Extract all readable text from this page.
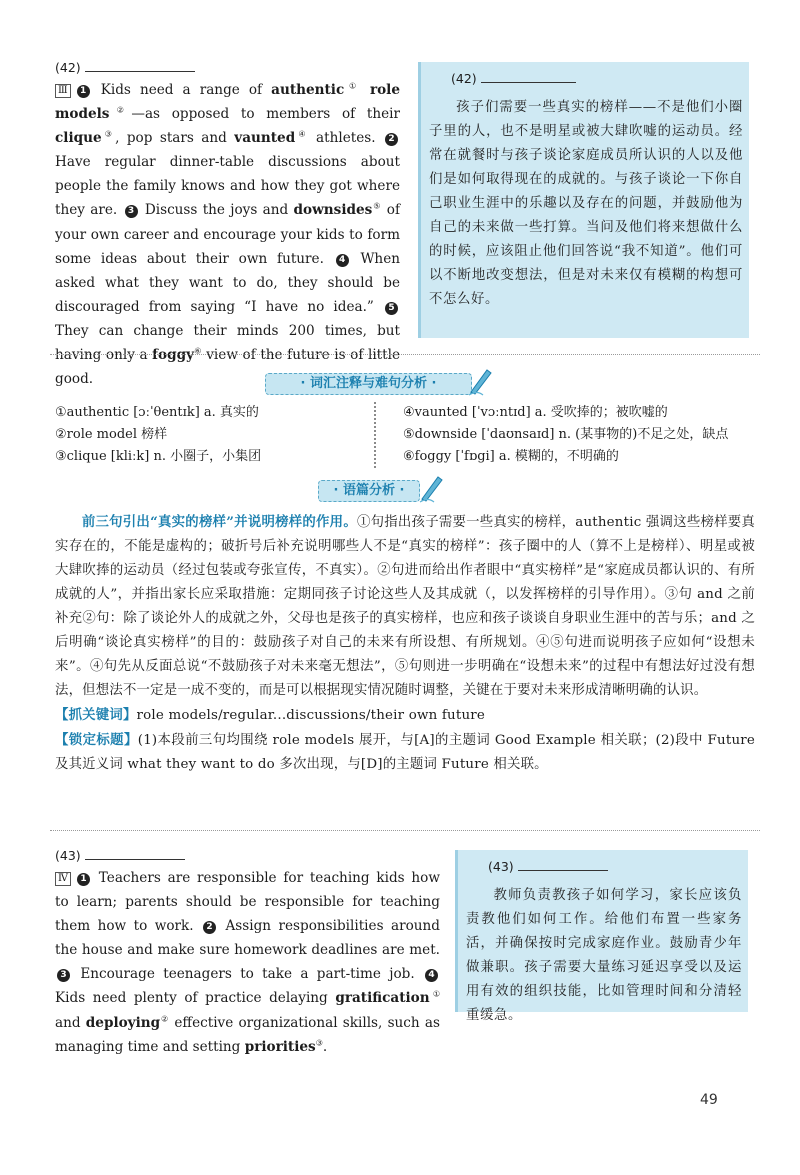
(42)
Ⅲ 1 Kids need a range of authentic① role models②—as opposed to members of their clique③, pop stars and vaunted④ athletes. 2 Have regular dinner-table discussions about people the family knows and how they got where they are. 3 Discuss the joys and downsides⑤ of your own career and encourage your kids to form some ideas about their own future. 4 When asked what they want to do, they should be discouraged from saying “I have no idea.” 5 They can change their minds 200 times, but having only a foggy⑥ view of the future is of little good.
(42)
孩子们需要一些真实的榜样——不是他们小圈子里的人，也不是明星或被大肆吹嘘的运动员。经常在就餐时与孩子谈论家庭成员所认识的人以及他们是如何取得现在的成就的。与孩子谈论一下你自己职业生涯中的乐趣以及存在的问题，并鼓励他为自己的未来做一些打算。当问及他们将来想做什么的时候，应该阻止他们回答说“我不知道”。他们可以不断地改变想法，但是对未来仅有模糊的构想可不怎么好。
· 词汇注释与难句分析 ·
①authentic [ɔːˈθentɪk] a. 真实的
②role model 榜样
③clique [kliːk] n. 小圈子，小集团
④vaunted [ˈvɔːntɪd] a. 受吹捧的；被吹嘘的
⑤downside [ˈdaʊnsaɪd] n. (某事物的)不足之处，缺点
⑥foggy [ˈfɒgi] a. 模糊的，不明确的
· 语篇分析 ·
前三句引出“真实的榜样”并说明榜样的作用。①句指出孩子需要一些真实的榜样，authentic 强调这些榜样要真实存在的，不能是虚构的；破折号后补充说明哪些人不是“真实的榜样”：孩子圈中的人（算不上是榜样）、明星或被大肆吹捧的运动员（经过包装或夸张宣传，不真实）。②句进而给出作者眼中“真实榜样”是“家庭成员都认识的、有所成就的人”，并指出家长应采取措施：定期同孩子讨论这些人及其成就（，以发挥榜样的引导作用）。③句 and 之前补充②句：除了谈论外人的成就之外，父母也是孩子的真实榜样，也应和孩子谈谈自身职业生涯中的苦与乐；and 之后明确“谈论真实榜样”的目的：鼓励孩子对自己的未来有所设想、有所规划。④⑤句进而说明孩子应如何“设想未来”。④句先从反面总说“不鼓励孩子对未来毫无想法”，⑤句则进一步明确在“设想未来”的过程中有想法好过没有想法，但想法不一定是一成不变的，而是可以根据现实情况随时调整，关键在于要对未来形成清晰明确的认识。
【抓关键词】role models/regular...discussions/their own future
【锁定标题】(1)本段前三句均围绕 role models 展开，与[A]的主题词 Good Example 相关联；(2)段中 Future 及其近义词 what they want to do 多次出现，与[D]的主题词 Future 相关联。
(43)
Ⅳ 1 Teachers are responsible for teaching kids how to learn; parents should be responsible for teaching them how to work. 2 Assign responsibilities around the house and make sure homework deadlines are met. 3 Encourage teenagers to take a part-time job. 4 Kids need plenty of practice delaying gratification① and deploying② effective organizational skills, such as managing time and setting priorities③.
(43)
教师负责教孩子如何学习，家长应该负责教他们如何工作。给他们布置一些家务活，并确保按时完成家庭作业。鼓励青少年做兼职。孩子需要大量练习延迟享受以及运用有效的组织技能，比如管理时间和分清轻重缓急。
49
